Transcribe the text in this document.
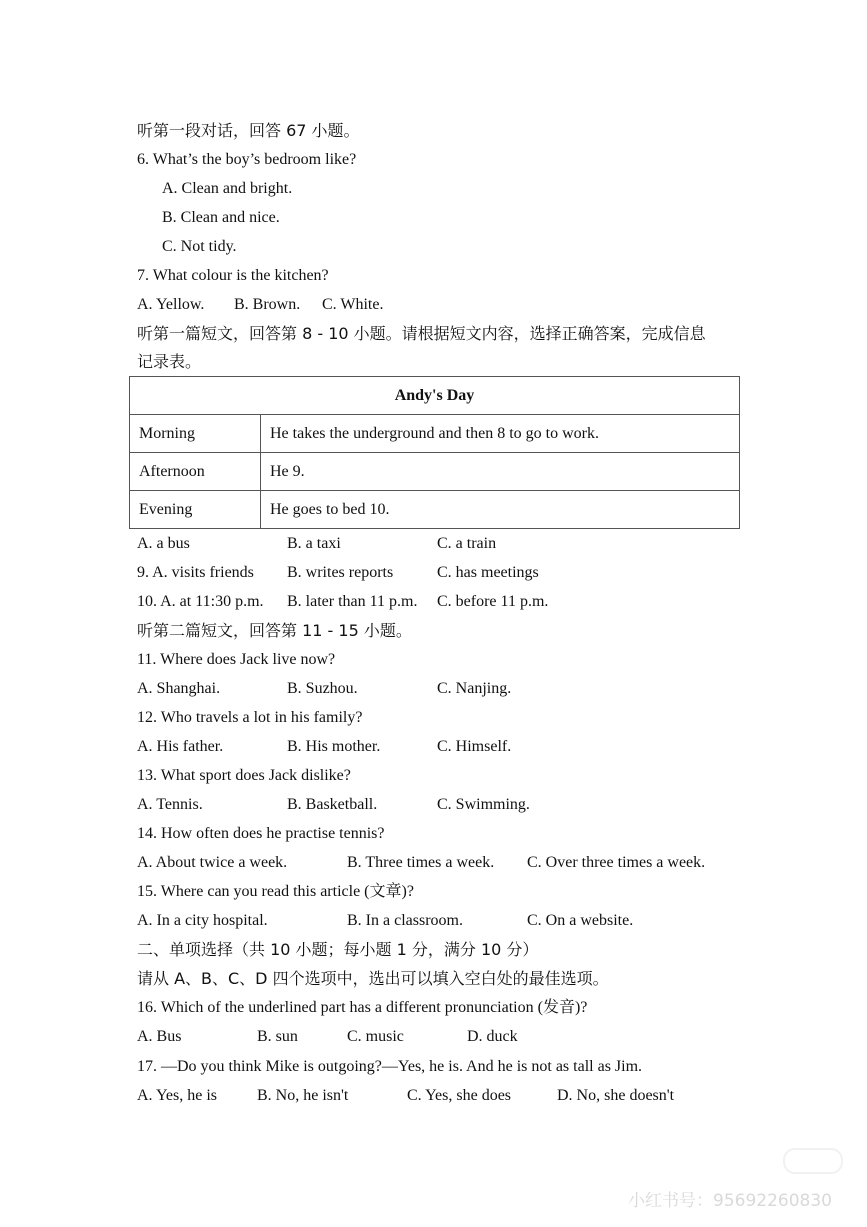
听第一段对话，回答 67 小题。
6. What’s the boy’s bedroom like?
A. Clean and bright.
B. Clean and nice.
C. Not tidy.
7. What colour is the kitchen?
A. Yellow. B. Brown. C. White.
听第一篇短文，回答第 8 - 10 小题。请根据短文内容，选择正确答案，完成信息
记录表。
Andy's Day	
Morning	He takes the underground and then 8 to go to work.
Afternoon	He 9.
Evening	He goes to bed 10.
A. a bus	B. a taxi	C. a train
9. A. visits friends B. writes reports	C. has meetings
10. A. at 11:30 p.m. B. later than 11 p.m. C. before 11 p.m.
听第二篇短文，回答第 11 - 15 小题。
11. Where does Jack live now?
A. Shanghai.	B. Suzhou.	C. Nanjing.
12. Who travels a lot in his family?
A. His father.	B. His mother.	C. Himself.
13. What sport does Jack dislike?
A. Tennis.	B. Basketball.	C. Swimming.
14. How often does he practise tennis?
A. About twice a week.	B. Three times a week. C. Over three times a week.
15. Where can you read this article (文章)?
A. In a city hospital.	B. In a classroom.	C. On a website.
二、单项选择（共 10 小题；每小题 1 分，满分 10 分）
请从 A、B、C、D 四个选项中，选出可以填入空白处的最佳选项。
16. Which of the underlined part has a different pronunciation (发音)?
A. Bus	B. sun	C. music	D. duck
17. —Do you think Mike is outgoing?—Yes, he is. And he is not as tall as Jim.
A. Yes, he is B. No, he isn't	C. Yes, she does	D. No, she doesn't
小红书号：95692260830
